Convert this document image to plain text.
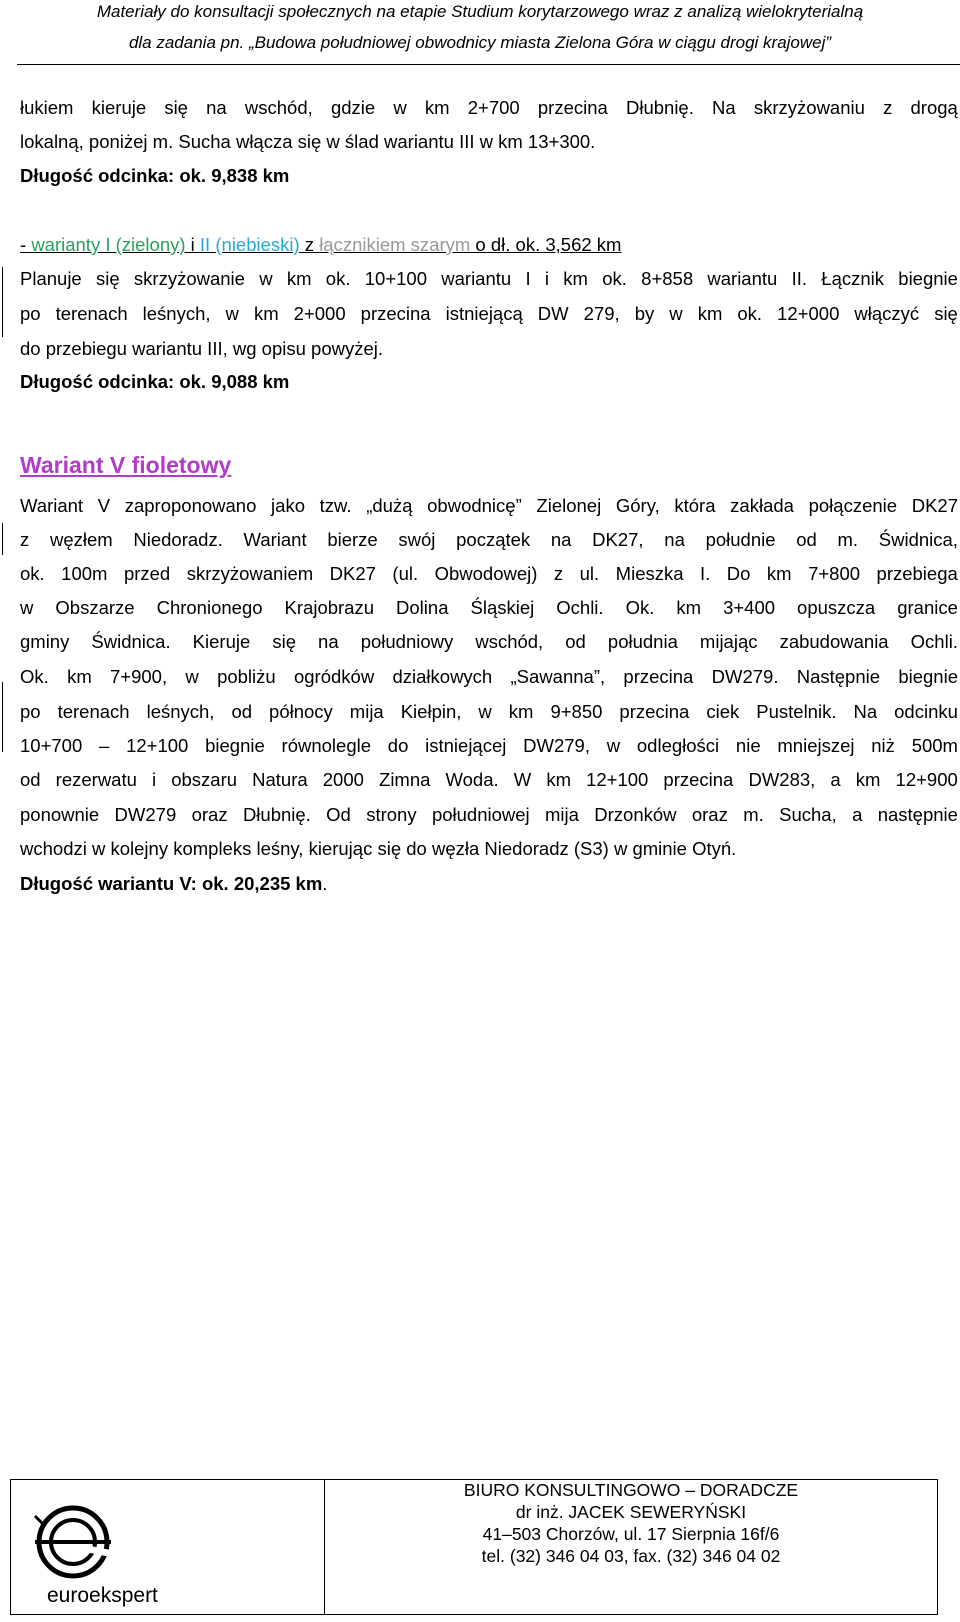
Materiały do konsultacji społecznych na etapie Studium korytarzowego wraz z analizą wielokryterialną
dla zadania pn. „Budowa południowej obwodnicy miasta Zielona Góra w ciągu drogi krajowej”
łukiem kieruje się na wschód, gdzie w km 2+700 przecina Dłubnię. Na skrzyżowaniu z drogą
lokalną, poniżej m. Sucha włącza się w ślad wariantu III w km 13+300.
Długość odcinka: ok. 9,838 km
- warianty I (zielony) i II (niebieski) z łącznikiem szarym o dł. ok. 3,562 km
Planuje się skrzyżowanie w km ok. 10+100 wariantu I i km ok. 8+858 wariantu II. Łącznik biegnie
po terenach leśnych, w km 2+000 przecina istniejącą DW 279, by w km ok. 12+000 włączyć się
do przebiegu wariantu III, wg opisu powyżej.
Długość odcinka: ok. 9,088 km
Wariant V fioletowy
Wariant V zaproponowano jako tzw. „dużą obwodnicę” Zielonej Góry, która zakłada połączenie DK27
z węzłem Niedoradz. Wariant bierze swój początek na DK27, na południe od m. Świdnica,
ok. 100m przed skrzyżowaniem DK27 (ul. Obwodowej) z ul. Mieszka I. Do km 7+800 przebiega
w Obszarze Chronionego Krajobrazu Dolina Śląskiej Ochli. Ok. km 3+400 opuszcza granice
gminy Świdnica. Kieruje się na południowy wschód, od południa mijając zabudowania Ochli.
Ok. km 7+900, w pobliżu ogródków działkowych „Sawanna”, przecina DW279. Następnie biegnie
po terenach leśnych, od północy mija Kiełpin, w km 9+850 przecina ciek Pustelnik. Na odcinku
10+700 – 12+100 biegnie równolegle do istniejącej DW279, w odległości nie mniejszej niż 500m
od rezerwatu i obszaru Natura 2000 Zimna Woda. W km 12+100 przecina DW283, a km 12+900
ponownie DW279 oraz Dłubnię. Od strony południowej mija Drzonków oraz m. Sucha, a następnie
wchodzi w kolejny kompleks leśny, kierując się do węzła Niedoradz (S3) w gminie Otyń.
Długość wariantu V: ok. 20,235 km.
euroekspert
BIURO KONSULTINGOWO – DORADCZE
dr inż. JACEK SEWERYŃSKI
41–503 Chorzów, ul. 17 Sierpnia 16f/6
tel. (32) 346 04 03, fax. (32) 346 04 02
